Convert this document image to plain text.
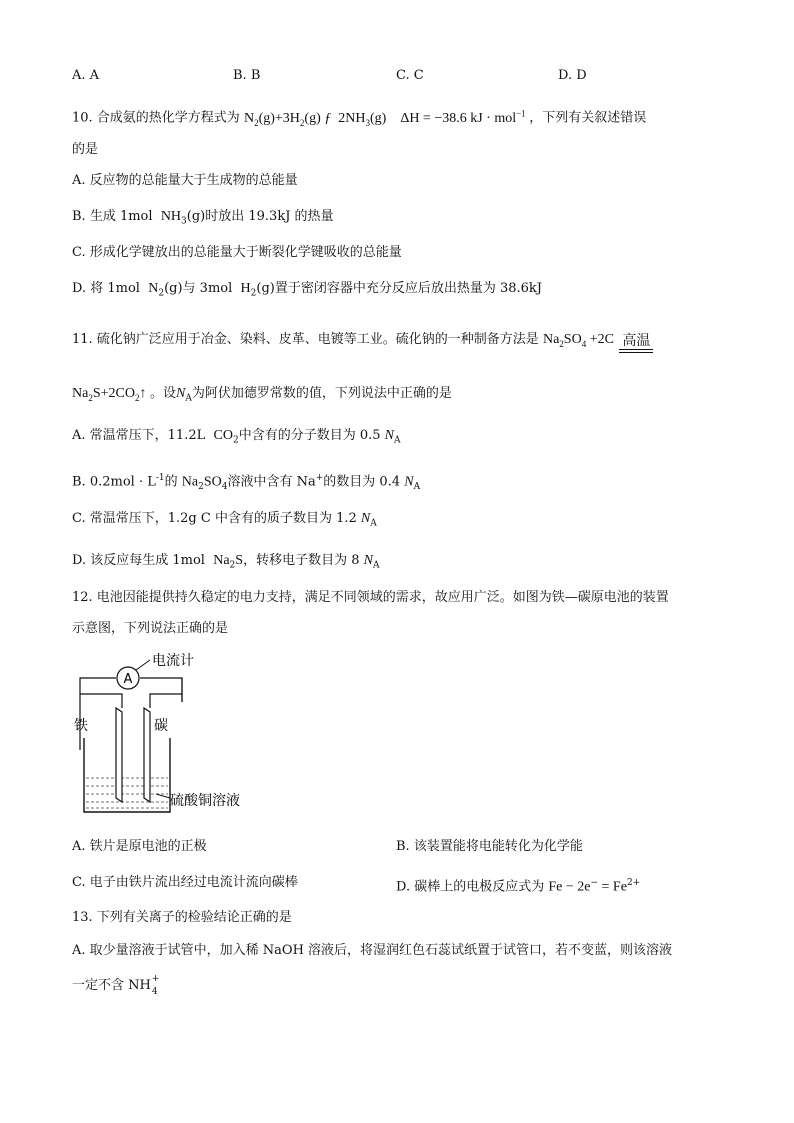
A. A	B. B	C. C	D. D
10. 合成氨的热化学方程式为 $N_2(g)+3H_2(g)$ ƒ $2NH_3(g) \Delta H = -38.6$ kJ · mol$^{-1}$ ，下列有关叙述错误
的是
A. 反应物的总能量大于生成物的总能量
B. 生成 1mol $NH_3(g)$时放出 19.3kJ 的热量
C. 形成化学键放出的总能量大于断裂化学键吸收的总能量
D. 将 1mol $N_2(g)$与 3mol $H_2(g)$置于密闭容器中充分反应后放出热量为 38.6kJ
11. 硫化钠广泛应用于冶金、染料、皮革、电镀等工业。硫化钠的一种制备方法是 $Na_2SO_4 +2C$ 高温
$Na_2S+2CO_2↑$ 。设$N_A$为阿伏加德罗常数的值，下列说法中正确的是
A. 常温常压下，11.2L $CO_2$中含有的分子数目为 0.5 $N_A$
B. $0.2mol \cdot L^{-1}$的 $Na_2SO_4$溶液中含有 Na+的数目为 0.4 $N_A$
C. 常温常压下，1.2g C 中含有的质子数目为 1.2 $N_A$
D. 该反应每生成 1mol $Na_2S$，转移电子数目为 8 $N_A$
12. 电池因能提供持久稳定的电力支持，满足不同领域的需求，故应用广泛。如图为铁—碳原电池的装置
示意图，下列说法正确的是
A
电流计
铁	碳
硫酸铜溶液
A. 铁片是原电池的正极	B. 该装置能将电能转化为化学能
C. 电子由铁片流出经过电流计流向碳棒	D. 碳棒上的电极反应式为 $Fe - 2e^- = Fe^{2+}$
13. 下列有关离子的检验结论正确的是
A. 取少量溶液于试管中，加入稀 NaOH 溶液后，将湿润红色石蕊试纸置于试管口，若不变蓝，则该溶液
一定不含 NH +
4
